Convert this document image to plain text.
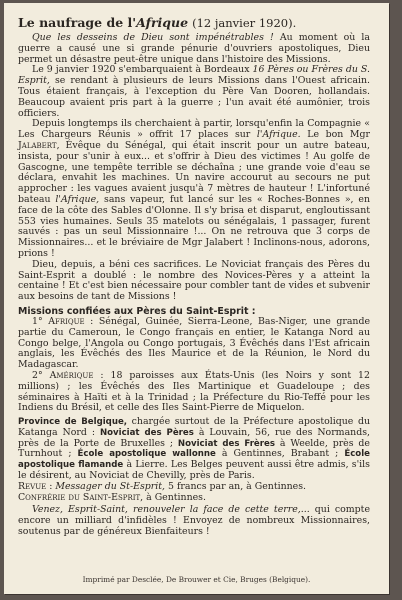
Le naufrage de l'Afrique (12 janvier 1920).

Que les desseins de Dieu sont impénétrables ! Au moment où la guerre a causé une si grande pénurie d'ouvriers apostoliques, Dieu permet un désastre peut-être unique dans l'histoire des Missions.

Le 9 janvier 1920 s'embarquaient à Bordeaux 16 Pères ou Frères du S. Esprit, se rendant à plusieurs de leurs Missions dans l'Ouest africain. Tous étaient français, à l'exception du Père Van Dooren, hollandais. Beaucoup avaient pris part à la guerre ; l'un avait été aumônier, trois officiers.

Depuis longtemps ils cherchaient à partir, lorsqu'enfin la Compagnie « Les Chargeurs Réunis » offrit 17 places sur l'Afrique. Le bon Mgr Jalabert, Évêque du Sénégal, qui était inscrit pour un autre bateau, insista, pour s'unir à eux... et s'offrir à Dieu des victimes ! Au golfe de Gascogne, une tempête terrible se déchaîna ; une grande voie d'eau se déclara, envahit les machines. Un navire accourut au secours ne put approcher : les vagues avaient jusqu'à 7 mètres de hauteur ! L'infortuné bateau l'Afrique, sans vapeur, fut lancé sur les « Roches-Bonnes », en face de la côte des Sables d'Olonne. Il s'y brisa et disparut, engloutissant 553 vies humaines. Seuls 35 matelots ou sénégalais, 1 passager, furent sauvés : pas un seul Missionnaire !... On ne retrouva que 3 corps de Missionnaires... et le bréviaire de Mgr Jalabert ! Inclinons-nous, adorons, prions !

Dieu, depuis, a béni ces sacrifices. Le Noviciat français des Pères du Saint-Esprit a doublé : le nombre des Novices-Pères y a atteint la centaine ! Et c'est bien nécessaire pour combler tant de vides et subvenir aux besoins de tant de Missions !

Missions confiées aux Pères du Saint-Esprit :

1° Afrique : Sénégal, Guinée, Sierra-Leone, Bas-Niger, une grande partie du Cameroun, le Congo français en entier, le Katanga Nord au Congo belge, l'Angola ou Congo portugais, 3 Évêchés dans l'Est africain anglais, les Évêchés des Iles Maurice et de la Réunion, le Nord du Madagascar.

2° Amérique : 18 paroisses aux États-Unis (les Noirs y sont 12 millions) ; les Évêchés des Iles Martinique et Guadeloupe ; des séminaires à Haïti et à la Trinidad ; la Préfecture du Rio-Teffé pour les Indiens du Brésil, et celle des Iles Saint-Pierre de Miquelon.

Province de Belgique, chargée surtout de la Préfecture apostolique du Katanga Nord : Noviciat des Pères à Louvain, 56, rue des Normands, près de la Porte de Bruxelles ; Noviciat des Frères à Weelde, près de Turnhout ; École apostolique wallonne à Gentinnes, Brabant ; École apostolique flamande à Lierre. Les Belges peuvent aussi être admis, s'ils le désirent, au Noviciat de Chevilly, près de Paris.

Revue : Messager du St-Esprit, 5 francs par an, à Gentinnes.

Confrérie du Saint-Esprit, à Gentinnes.

Venez, Esprit-Saint, renouveler la face de cette terre,... qui compte encore un milliard d'infidèles ! Envoyez de nombreux Missionnaires, soutenus par de généreux Bienfaiteurs !

Imprimé par Desclée, De Brouwer et Cie, Bruges (Belgique).
